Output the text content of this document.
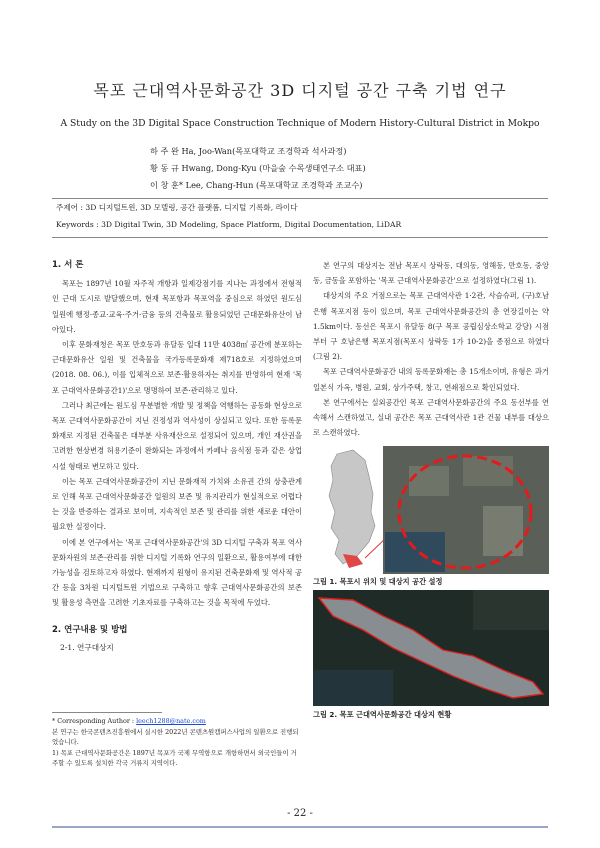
목포 근대역사문화공간 3D 디지털 공간 구축 기법 연구
A Study on the 3D Digital Space Construction Technique of Modern History-Cultural District in Mokpo
하 주 완 Ha, Joo-Wan(목포대학교 조경학과 석사과정)
황 동 규 Hwang, Dong-Kyu (마을숲 수목생태연구소 대표)
이 창 훈* Lee, Chang-Hun (목포대학교 조경학과 조교수)
주제어 : 3D 디지털트윈, 3D 모델링, 공간 플랫폼, 디지털 기록화, 라이다
Keywords : 3D Digital Twin, 3D Modeling, Space Platform, Digital Documentation, LiDAR
1. 서 론

목포는 1897년 10월 자주적 개항과 일제강점기를 지나는 과정에서 전형적인 근대 도시로 발달했으며, 현재 목포항과 목포역을 중심으로 하였던 원도심 일원에 행정·종교·교육·주거·금융 등의 건축물로 활용되었던 근대문화유산이 남아있다.

이후 문화재청은 목포 만호동과 유달동 일대 11만 4038㎡ 공간에 분포하는 근대문화유산 일원 및 건축물을 국가등록문화재 제718호로 지정하였으며(2018. 08. 06.), 이를 입체적으로 보존·활용하자는 취지를 반영하여 현재 '목포 근대역사문화공간1)'으로 명명하여 보존·관리하고 있다.

그러나 최근에는 원도심 무분별한 개발 및 정책을 역행하는 공동화 현상으로 목포 근대역사문화공간이 지닌 진정성과 역사성이 상실되고 있다. 또한 등록문화재로 지정된 건축물은 대부분 사유재산으로 설정되어 있으며, 개인 재산권을 고려한 현상변경 허용기준이 완화되는 과정에서 카페나 음식점 등과 같은 상업시설 형태로 변모하고 있다.

이는 목포 근대역사문화공간이 지닌 문화재적 가치와 소유권 간의 상충관계로 인해 목포 근대역사문화공간 일원의 보존 및 유지관리가 현실적으로 어렵다는 것을 반증하는 결과로 보이며, 지속적인 보존 및 관리를 위한 새로운 대안이 필요한 실정이다.

이에 본 연구에서는 '목포 근대역사문화공간'의 3D 디지털 구축과 목포 역사문화자원의 보존·관리를 위한 디지털 기록화 연구의 일환으로, 활용여부에 대한 가능성을 검토하고자 하였다. 현재까지 원형이 유지된 건축문화재 및 역사적 공간 등을 3차원 디지털트윈 기법으로 구축하고 향후 근대역사문화공간의 보존 및 활용성 측면을 고려한 기초자료를 구축하고는 것을 목적에 두었다.

2. 연구내용 및 방법
2-1. 연구대상지
* Corresponding Author : leech1288@nate.com
본 연구는 한국콘텐츠진흥원에서 실시한 2022년 콘텐츠원캠퍼스사업의 일환으로 진행되었습니다.
1) 목포 근대역사문화공간은 1897년 목포가 국제 무역항으로 개항하면서 외국인들이 거주할 수 있도록 설치한 각국 거류지 지역이다.

본 연구의 대상지는 전남 목포시 상락동, 대의동, 영해동, 만호동, 중앙동, 금동을 포함하는 '목포 근대역사문화공간'으로 설정하였다(그림 1).

대상지의 주요 거점으로는 목포 근대역사관 1·2관, 사슴슈퍼, (구)호남은행 목포지점 등이 있으며, 목포 근대역사문화공간의 총 연장길이는 약 1.5km이다. 동선은 목포시 유달동 8(구 목포 공립심상소학교 강당) 시점부터 구 호남은행 목포지점(목포시 상락동 1가 10-2)을 종점으로 하였다(그림 2).

목포 근대역사문화공간 내의 등록문화재는 총 15개소이며, 유형은 과거 일본식 가옥, 병원, 교회, 상가주택, 창고, 연쇄점으로 확인되었다.

본 연구에서는 실외공간인 목포 근대역사문화공간의 주요 동선부를 연속해서 스캔하였고, 실내 공간은 목포 근대역사관 1관 건물 내부를 대상으로 스캔하였다.

그림 1. 목포시 위치 및 대상지 공간 설정
그림 2. 목포 근대역사문화공간 대상지 현황
- 22 -
